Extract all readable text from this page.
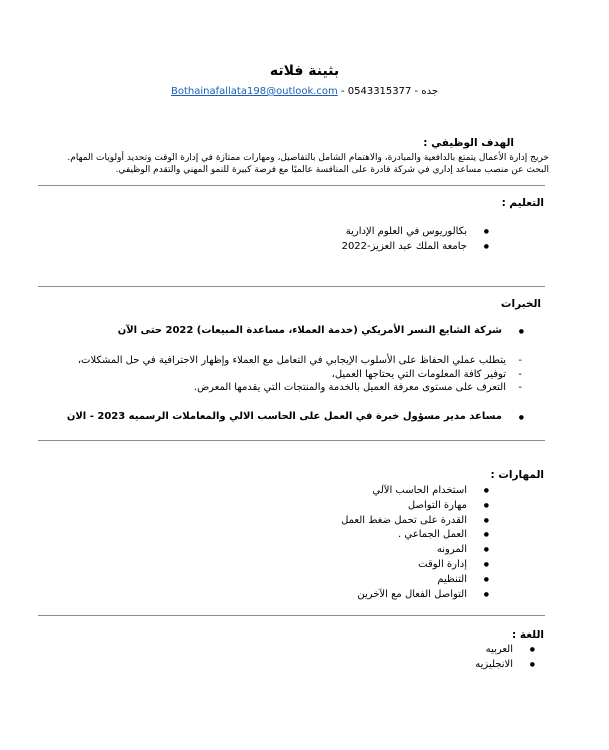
بثينة فلاته
Bothainafallata198@outlook.com - 0543315377 - جده
الهدف الوظيفي :
خريج إدارة الأعمال يتمتع بالدافعية والمبادرة، والاهتمام الشامل بالتفاصيل، ومهارات ممتازة في إدارة الوقت وتحديد أولويات المهام.
البحث عن منصب مساعد إداري في شركة قادرة على المنافسة عالميًا مع فرصة كبيرة للنمو المهني والتقدم الوظيفي.
التعليم :
● بكالوريوس في العلوم الإدارية
● جامعة الملك عبد العزيز-2022
الخبرات
● شركة الشايع النسر الأمريكي (خدمة العملاء، مساعدة المبيعات) 2022 حتى الآن
- يتطلب عملي الحفاظ على الأسلوب الإيجابي في التعامل مع العملاء وإظهار الاحترافية في حل المشكلات،
- توفير كافة المعلومات التي يحتاجها العميل،
- التعرف على مستوى معرفة العميل بالخدمة والمنتجات التي يقدمها المعرض.
● مساعد مدير مسؤول خبرة في العمل على الحاسب الالي والمعاملات الرسميه 2023 - الان
المهارات :
● استخدام الحاسب الآلي
● مهارة التواصل
● القدرة على تحمل ضغط العمل
● العمل الجماعي .
● المرونه
● إدارة الوقت
● التنظيم
● التواصل الفعال مع الآخرين
اللغة :
● العربيه
● الانجليزيه
